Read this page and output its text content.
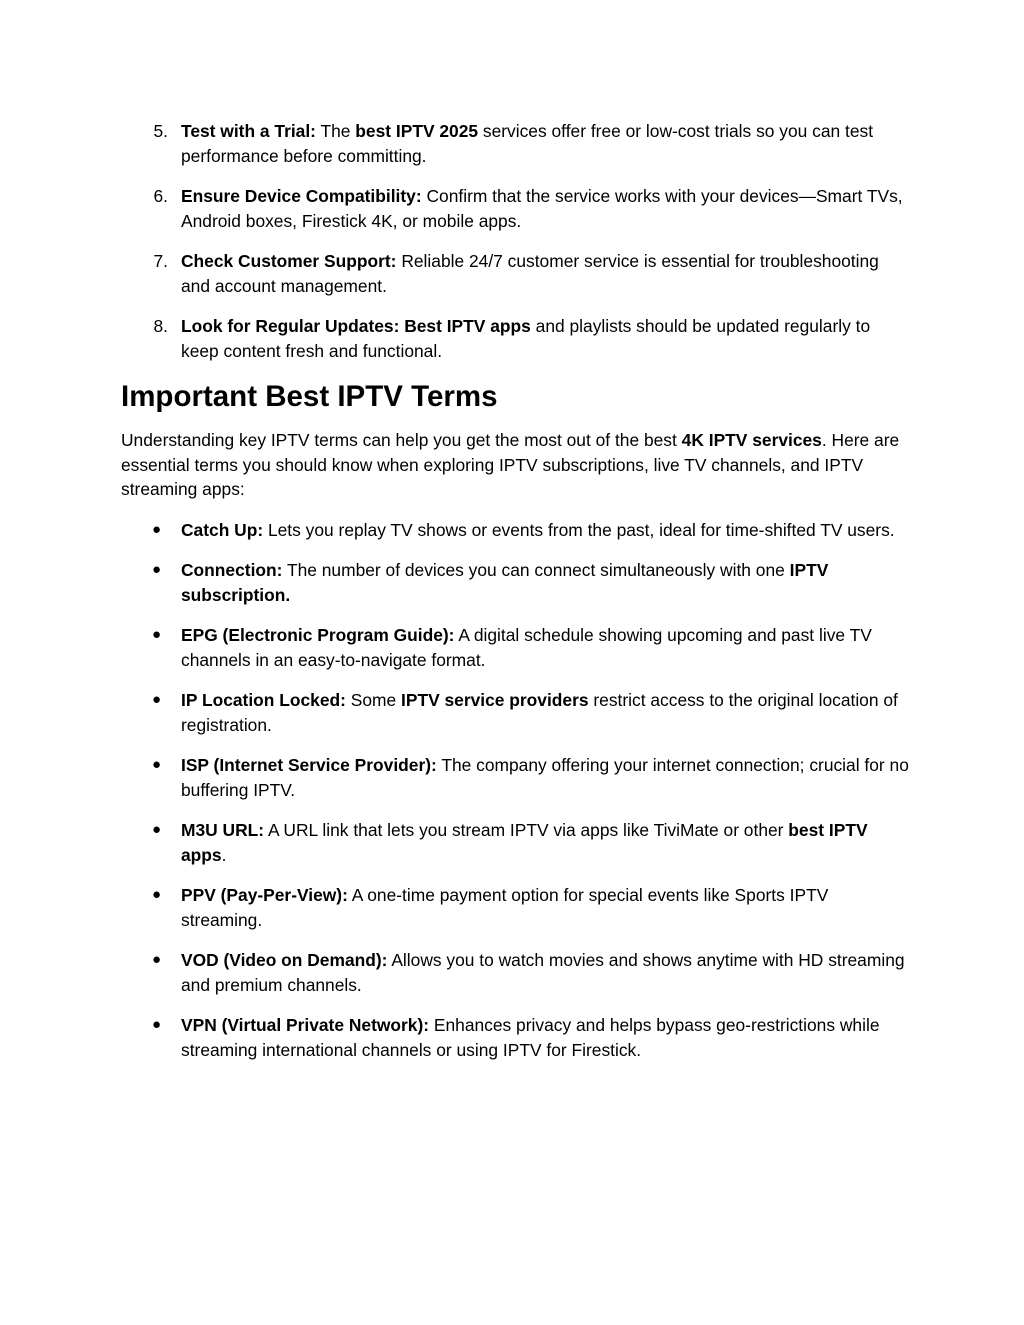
5. Test with a Trial: The best IPTV 2025 services offer free or low-cost trials so you can test performance before committing.
6. Ensure Device Compatibility: Confirm that the service works with your devices—Smart TVs, Android boxes, Firestick 4K, or mobile apps.
7. Check Customer Support: Reliable 24/7 customer service is essential for troubleshooting and account management.
8. Look for Regular Updates: Best IPTV apps and playlists should be updated regularly to keep content fresh and functional.
Important Best IPTV Terms

Understanding key IPTV terms can help you get the most out of the best 4K IPTV services. Here are essential terms you should know when exploring IPTV subscriptions, live TV channels, and IPTV streaming apps:

●	Catch Up: Lets you replay TV shows or events from the past, ideal for time-shifted TV users.
●	Connection: The number of devices you can connect simultaneously with one IPTV subscription.
●	EPG (Electronic Program Guide): A digital schedule showing upcoming and past live TV channels in an easy-to-navigate format.
●	IP Location Locked: Some IPTV service providers restrict access to the original location of registration.
●	ISP (Internet Service Provider): The company offering your internet connection; crucial for no buffering IPTV.
●	M3U URL: A URL link that lets you stream IPTV via apps like TiviMate or other best IPTV apps.
●	PPV (Pay-Per-View): A one-time payment option for special events like Sports IPTV streaming.
●	VOD (Video on Demand): Allows you to watch movies and shows anytime with HD streaming and premium channels.
●	VPN (Virtual Private Network): Enhances privacy and helps bypass geo-restrictions while streaming international channels or using IPTV for Firestick.
